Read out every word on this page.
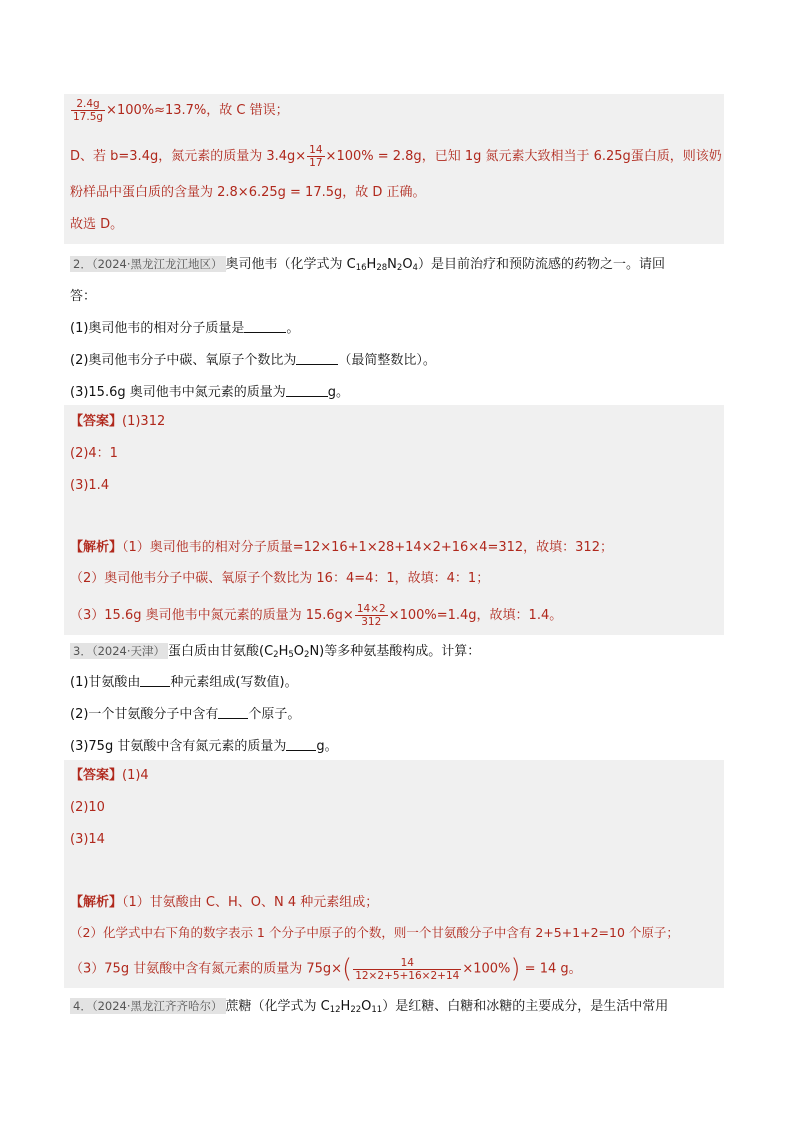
$\frac{2.4g}{17.5g} \times 100\%\approx 13.7\%$，故 C 错误；
D、若 b=3.4g，氮元素的质量为 $3.4g\times \frac{14}{17} \times 100\% = 2.8g$，已知 1g 氮元素大致相当于 6.25g蛋白质，则该奶
粉样品中蛋白质的含量为 2.8×6.25g = 17.5g，故 D 正确。
故选 D。
2．（2024·黑龙江龙江地区） 奥司他韦（化学式为 $C_{16}H_{28}N_2O_4$）是目前治疗和预防流感的药物之一。请回
答：
(1)奥司他韦的相对分子质量是	。
(2)奥司他韦分子中碳、氧原子个数比为	（最简整数比）。
(3)15.6g 奥司他韦中氮元素的质量为	g。
【答案】(1)312
(2)4：1
(3)1.4
【解析】（1）奥司他韦的相对分子质量=12×16+1×28+14×2+16×4=312，故填：312；
（2）奥司他韦分子中碳、氧原子个数比为 16：4=4：1，故填：4：1；
（3）15.6g 奥司他韦中氮元素的质量为 $15.6g\times \frac{14\times 2}{312} \times 100\%=1.4g$，故填：1.4。
3．（2024·天津） 蛋白质由甘氨酸$(C_2H_5O_2N)$等多种氨基酸构成。计算：
(1)甘氨酸由 种元素组成(写数值)。
(2)一个甘氨酸分子中含有 个原子。
(3)75g 甘氨酸中含有氮元素的质量为 g。
【答案】(1)4
(2)10
(3)14
【解析】（1）甘氨酸由 C、H、O、N 4 种元素组成；
（2）化学式中右下角的数字表示 1 个分子中原子的个数，则一个甘氨酸分子中含有 2+5+1+2=10 个原子；
（3）75g 甘氨酸中含有氮元素的质量为 $75g\times( \frac{14}{12\times 2+5+16\times 2+14} \times 100\%) = 14$ g。
4．（2024·黑龙江齐齐哈尔） 蔗糖（化学式为 $C_{12}H_{22}O_{11}$）是红糖、白糖和冰糖的主要成分，是生活中常用
